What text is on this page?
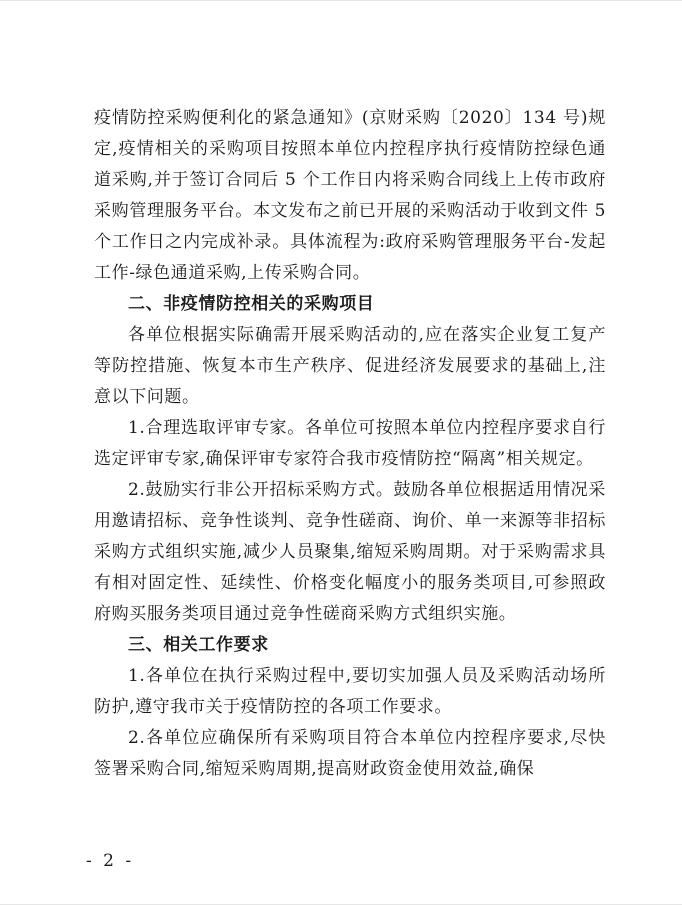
疫情防控采购便利化的紧急通知》(京财采购〔2020〕134 号)规定,疫情相关的采购项目按照本单位内控程序执行疫情防控绿色通道采购,并于签订合同后 5 个工作日内将采购合同线上上传市政府采购管理服务平台。本文发布之前已开展的采购活动于收到文件 5 个工作日之内完成补录。具体流程为:政府采购管理服务平台-发起工作-绿色通道采购,上传采购合同。

二、非疫情防控相关的采购项目

各单位根据实际确需开展采购活动的,应在落实企业复工复产等防控措施、恢复本市生产秩序、促进经济发展要求的基础上,注意以下问题。

1.合理选取评审专家。各单位可按照本单位内控程序要求自行选定评审专家,确保评审专家符合我市疫情防控“隔离”相关规定。

2.鼓励实行非公开招标采购方式。鼓励各单位根据适用情况采用邀请招标、竞争性谈判、竞争性磋商、询价、单一来源等非招标采购方式组织实施,减少人员聚集,缩短采购周期。对于采购需求具有相对固定性、延续性、价格变化幅度小的服务类项目,可参照政府购买服务类项目通过竞争性磋商采购方式组织实施。

三、相关工作要求

1.各单位在执行采购过程中,要切实加强人员及采购活动场所防护,遵守我市关于疫情防控的各项工作要求。

2.各单位应确保所有采购项目符合本单位内控程序要求,尽快签署采购合同,缩短采购周期,提高财政资金使用效益,确保

- 2 -
